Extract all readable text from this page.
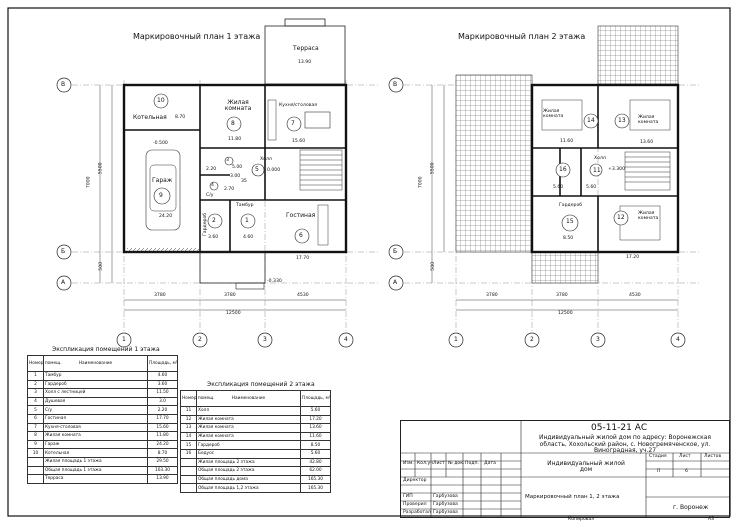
Маркировочный план 1 этажа
10
Котельная 8.70
8
Жилая комната
11.80
7
Кухня/столовая
15.60
3	Холл
5.00
4
2.70
5
С/у
2.20
9
Гараж
24.20
2
Гардероб
3.60
1
Тамбур
4.60	6
Гостиная
17.70
Терраса
13.90
-0.500
0.000
-0.330
35
3.00
7000
5500
500
3780	3780	4530
12500
В
Б
А
1	2	3	4
Маркировочный план 2 этажа
14
Жилая комната
11.60
13	Жилая комната
13.60
16
5.60
11
Холл
5.60
15
Гардероб
8.50
12
Жилая комната
17.20
+3.300
7000
5500
500
3780	3780	4530
12500
В
Б
А
1	2	3	4
Экспликация помещений 1 этажа
Номер помещ.	Наименование	Площадь, м²
1	Тамбур	4.60
2	Гардероб	3.60
3	Холл с лестницей	11.50
4	Душевая	3.0
5	С/у	2.20
6	Гостиная	17.70
7	Кухня-столовая	15.60
8	Жилая комната	11.80
9	Гараж	24.20
10	Котельная	8.70
	Жилая площадь 1 этажа	29.50
	Общая площадь 1 этажа	103.30
	Терраса	13.90
Экспликация помещений 2 этажа
Номер помещ.	Наименование	Площадь, м²
11	Холл	5.60
12	Жилая комната	17.20
13	Жилая комната	13.60
14	Жилая комната	11.60
15	Гардероб	8.50
16	Бедуос	5.60
	Жилая площадь 2 этажа	42.80
	Общая площадь 2 этажа	62.00
	Общая площадь дома	165.30
	Общая площадь 1,2 этажа	165.30
05-11-21 АС
Индивидуальный жилой дом по адресу: Воронежская область, Хохольский район, с. Новогремяченское, ул. Виноградная, уч.27
Индивидуальный жилой дом
Маркировочный план 1, 2 этажа
г. Воронеж
Изм. Кол.уч Лист № док. Подп. Дата
Директор
ГИП
Проверил
Разработал
Гарбузова
Гарбузова
Гарбузова
Стадия	Лист	Листов
П	6
Копировал	А3
